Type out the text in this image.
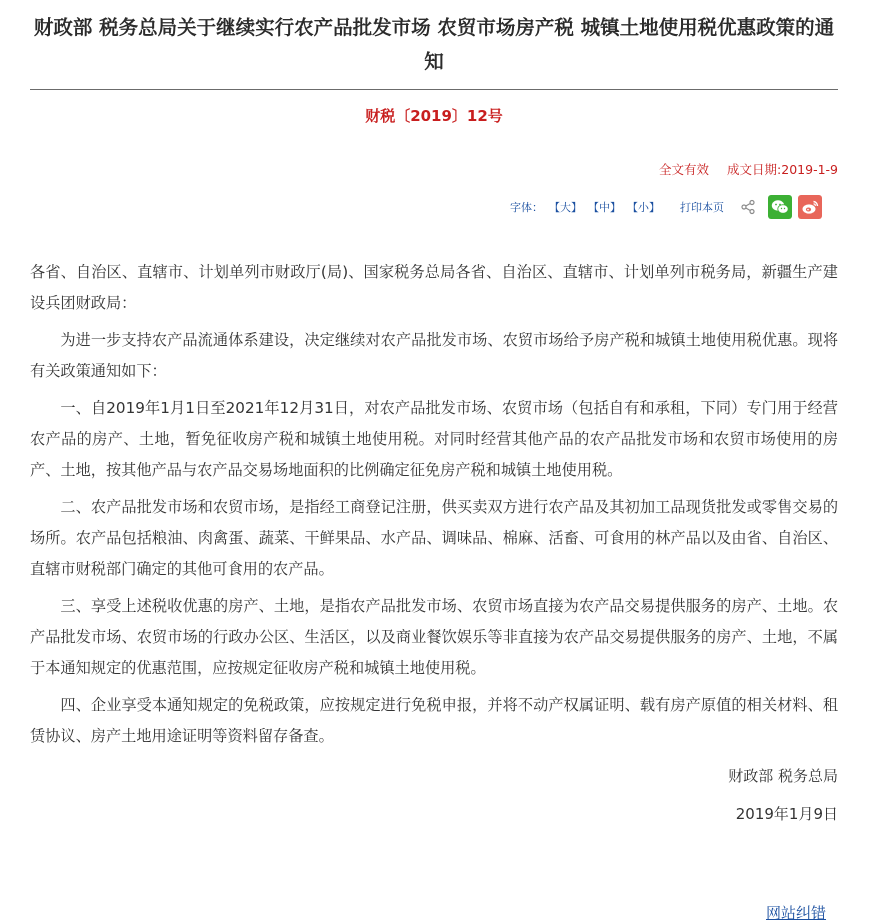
财政部 税务总局关于继续实行农产品批发市场 农贸市场房产税 城镇土地使用税优惠政策的通知
财税〔2019〕12号
全文有效 成文日期:2019-1-9
字体： 【大】 【中】 【小】 打印本页

各省、自治区、直辖市、计划单列市财政厅(局)、国家税务总局各省、自治区、直辖市、计划单列市税务局，新疆生产建设兵团财政局：

为进一步支持农产品流通体系建设，决定继续对农产品批发市场、农贸市场给予房产税和城镇土地使用税优惠。现将有关政策通知如下：

一、自2019年1月1日至2021年12月31日，对农产品批发市场、农贸市场（包括自有和承租，下同）专门用于经营农产品的房产、土地，暂免征收房产税和城镇土地使用税。对同时经营其他产品的农产品批发市场和农贸市场使用的房产、土地，按其他产品与农产品交易场地面积的比例确定征免房产税和城镇土地使用税。

二、农产品批发市场和农贸市场，是指经工商登记注册，供买卖双方进行农产品及其初加工品现货批发或零售交易的场所。农产品包括粮油、肉禽蛋、蔬菜、干鲜果品、水产品、调味品、棉麻、活畜、可食用的林产品以及由省、自治区、直辖市财税部门确定的其他可食用的农产品。

三、享受上述税收优惠的房产、土地，是指农产品批发市场、农贸市场直接为农产品交易提供服务的房产、土地。农产品批发市场、农贸市场的行政办公区、生活区，以及商业餐饮娱乐等非直接为农产品交易提供服务的房产、土地，不属于本通知规定的优惠范围，应按规定征收房产税和城镇土地使用税。

四、企业享受本通知规定的免税政策，应按规定进行免税申报，并将不动产权属证明、载有房产原值的相关材料、租赁协议、房产土地用途证明等资料留存备查。

财政部 税务总局
2019年1月9日
网站纠错
